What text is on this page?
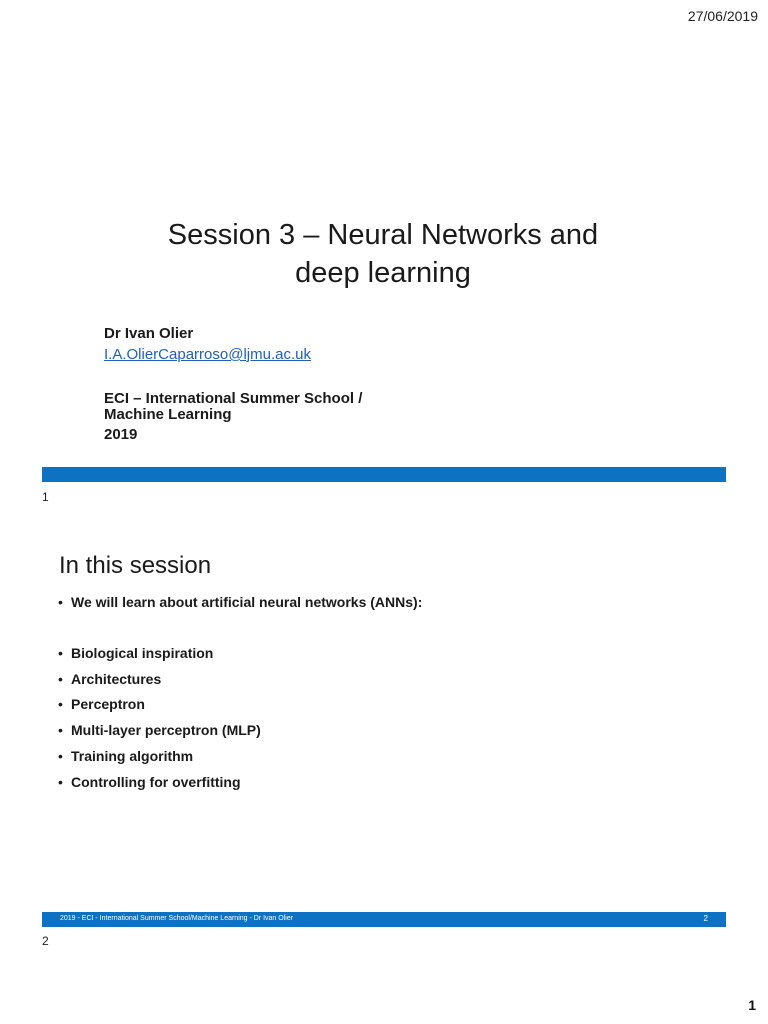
27/06/2019
Session 3 – Neural Networks and
deep learning
Dr Ivan Olier
I.A.OlierCaparroso@ljmu.ac.uk
ECI – International Summer School /
Machine Learning
2019
1
In this session
• We will learn about artificial neural networks (ANNs):
• Biological inspiration
• Architectures
• Perceptron
• Multi-layer perceptron (MLP)
• Training algorithm
• Controlling for overfitting
2019 - ECI - International Summer School/Machine Learning - Dr Ivan Olier	2
2
1
